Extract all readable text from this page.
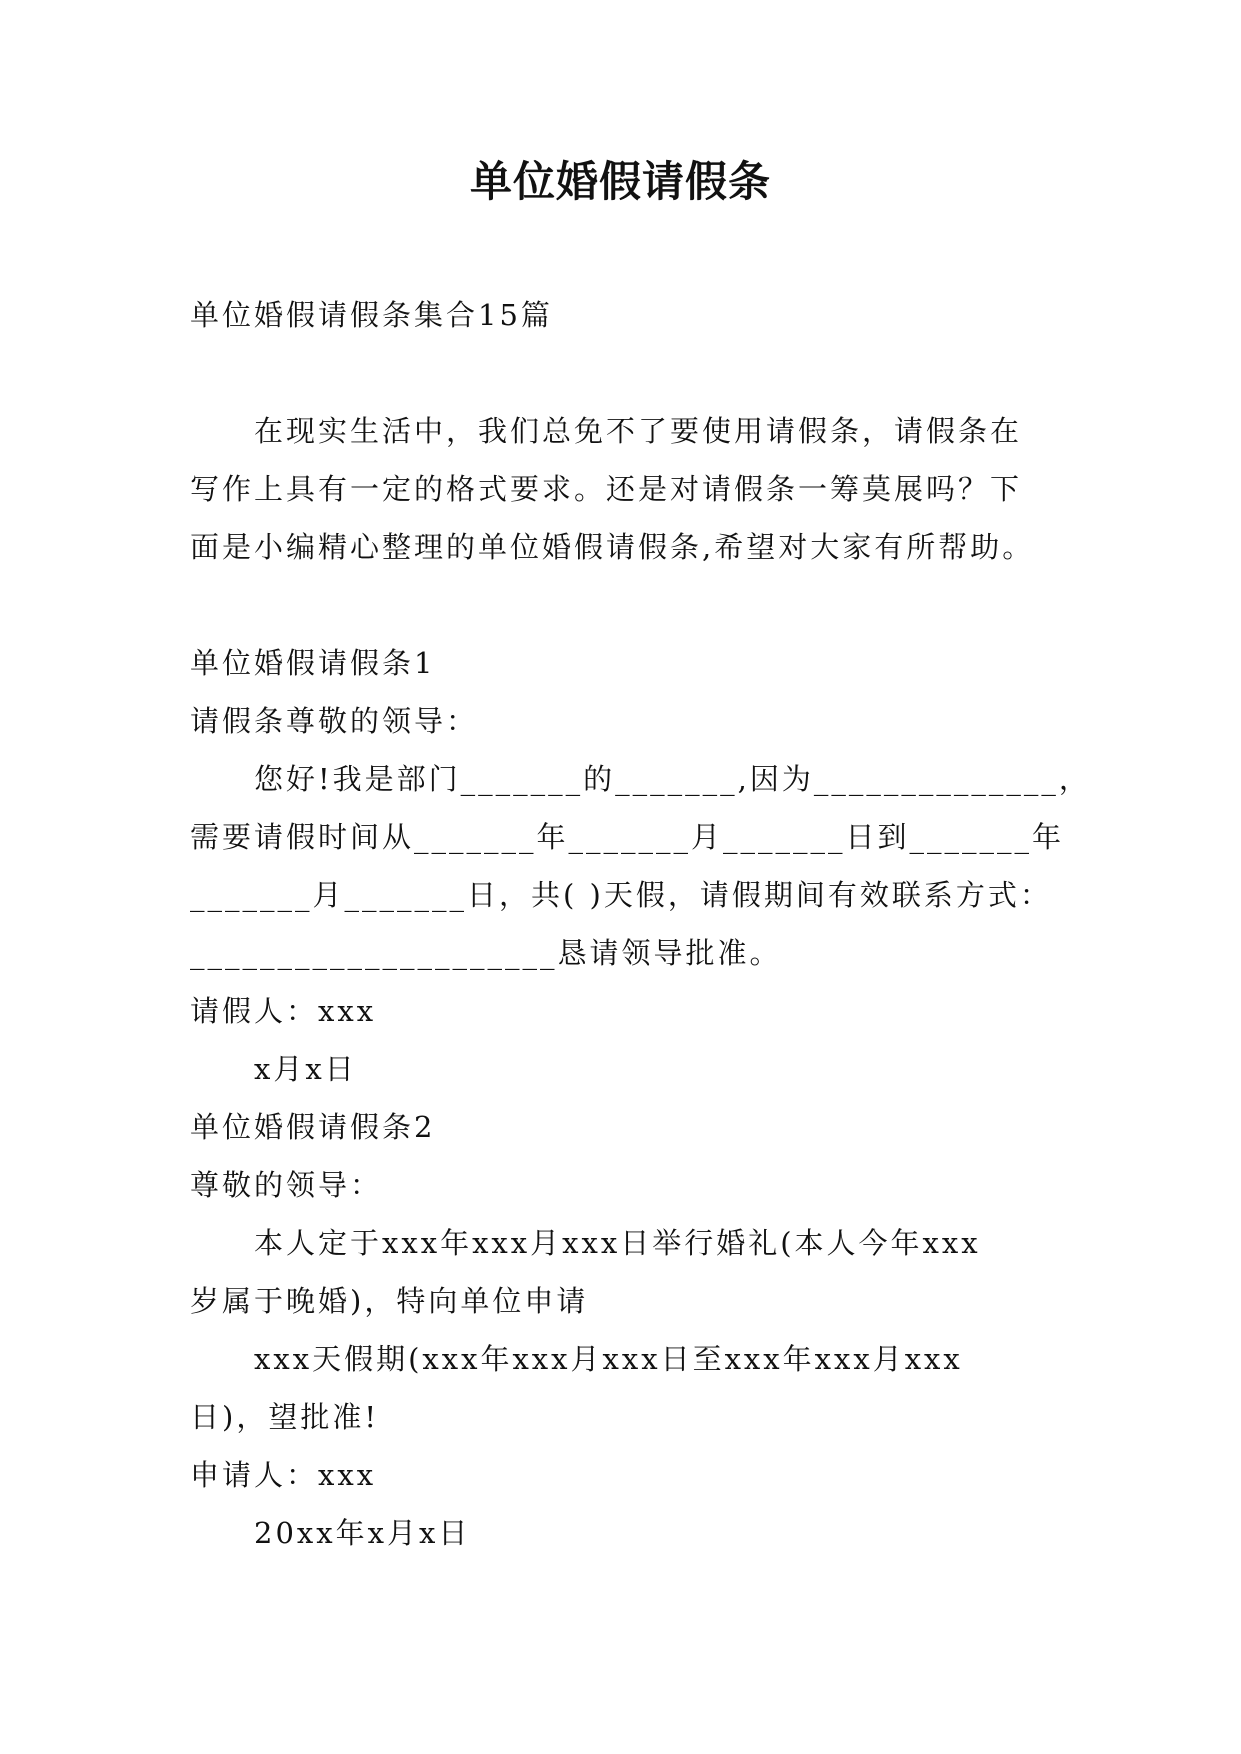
单位婚假请假条
单位婚假请假条集合15篇
在现实生活中，我们总免不了要使用请假条，请假条在
写作上具有一定的格式要求。还是对请假条一筹莫展吗？下
面是小编精心整理的单位婚假请假条,希望对大家有所帮助。
单位婚假请假条1
请假条尊敬的领导：
您好!我是部门_______的_______,因为______________，
需要请假时间从_______年_______月_______日到_______年
_______月_______日，共( )天假，请假期间有效联系方式：
_____________________恳请领导批准。
请假人：xxx
x月x日
单位婚假请假条2
尊敬的领导：
本人定于xxx年xxx月xxx日举行婚礼(本人今年xxx
岁属于晚婚)，特向单位申请
xxx天假期(xxx年xxx月xxx日至xxx年xxx月xxx
日)，望批准!
申请人：xxx
20xx年x月x日
